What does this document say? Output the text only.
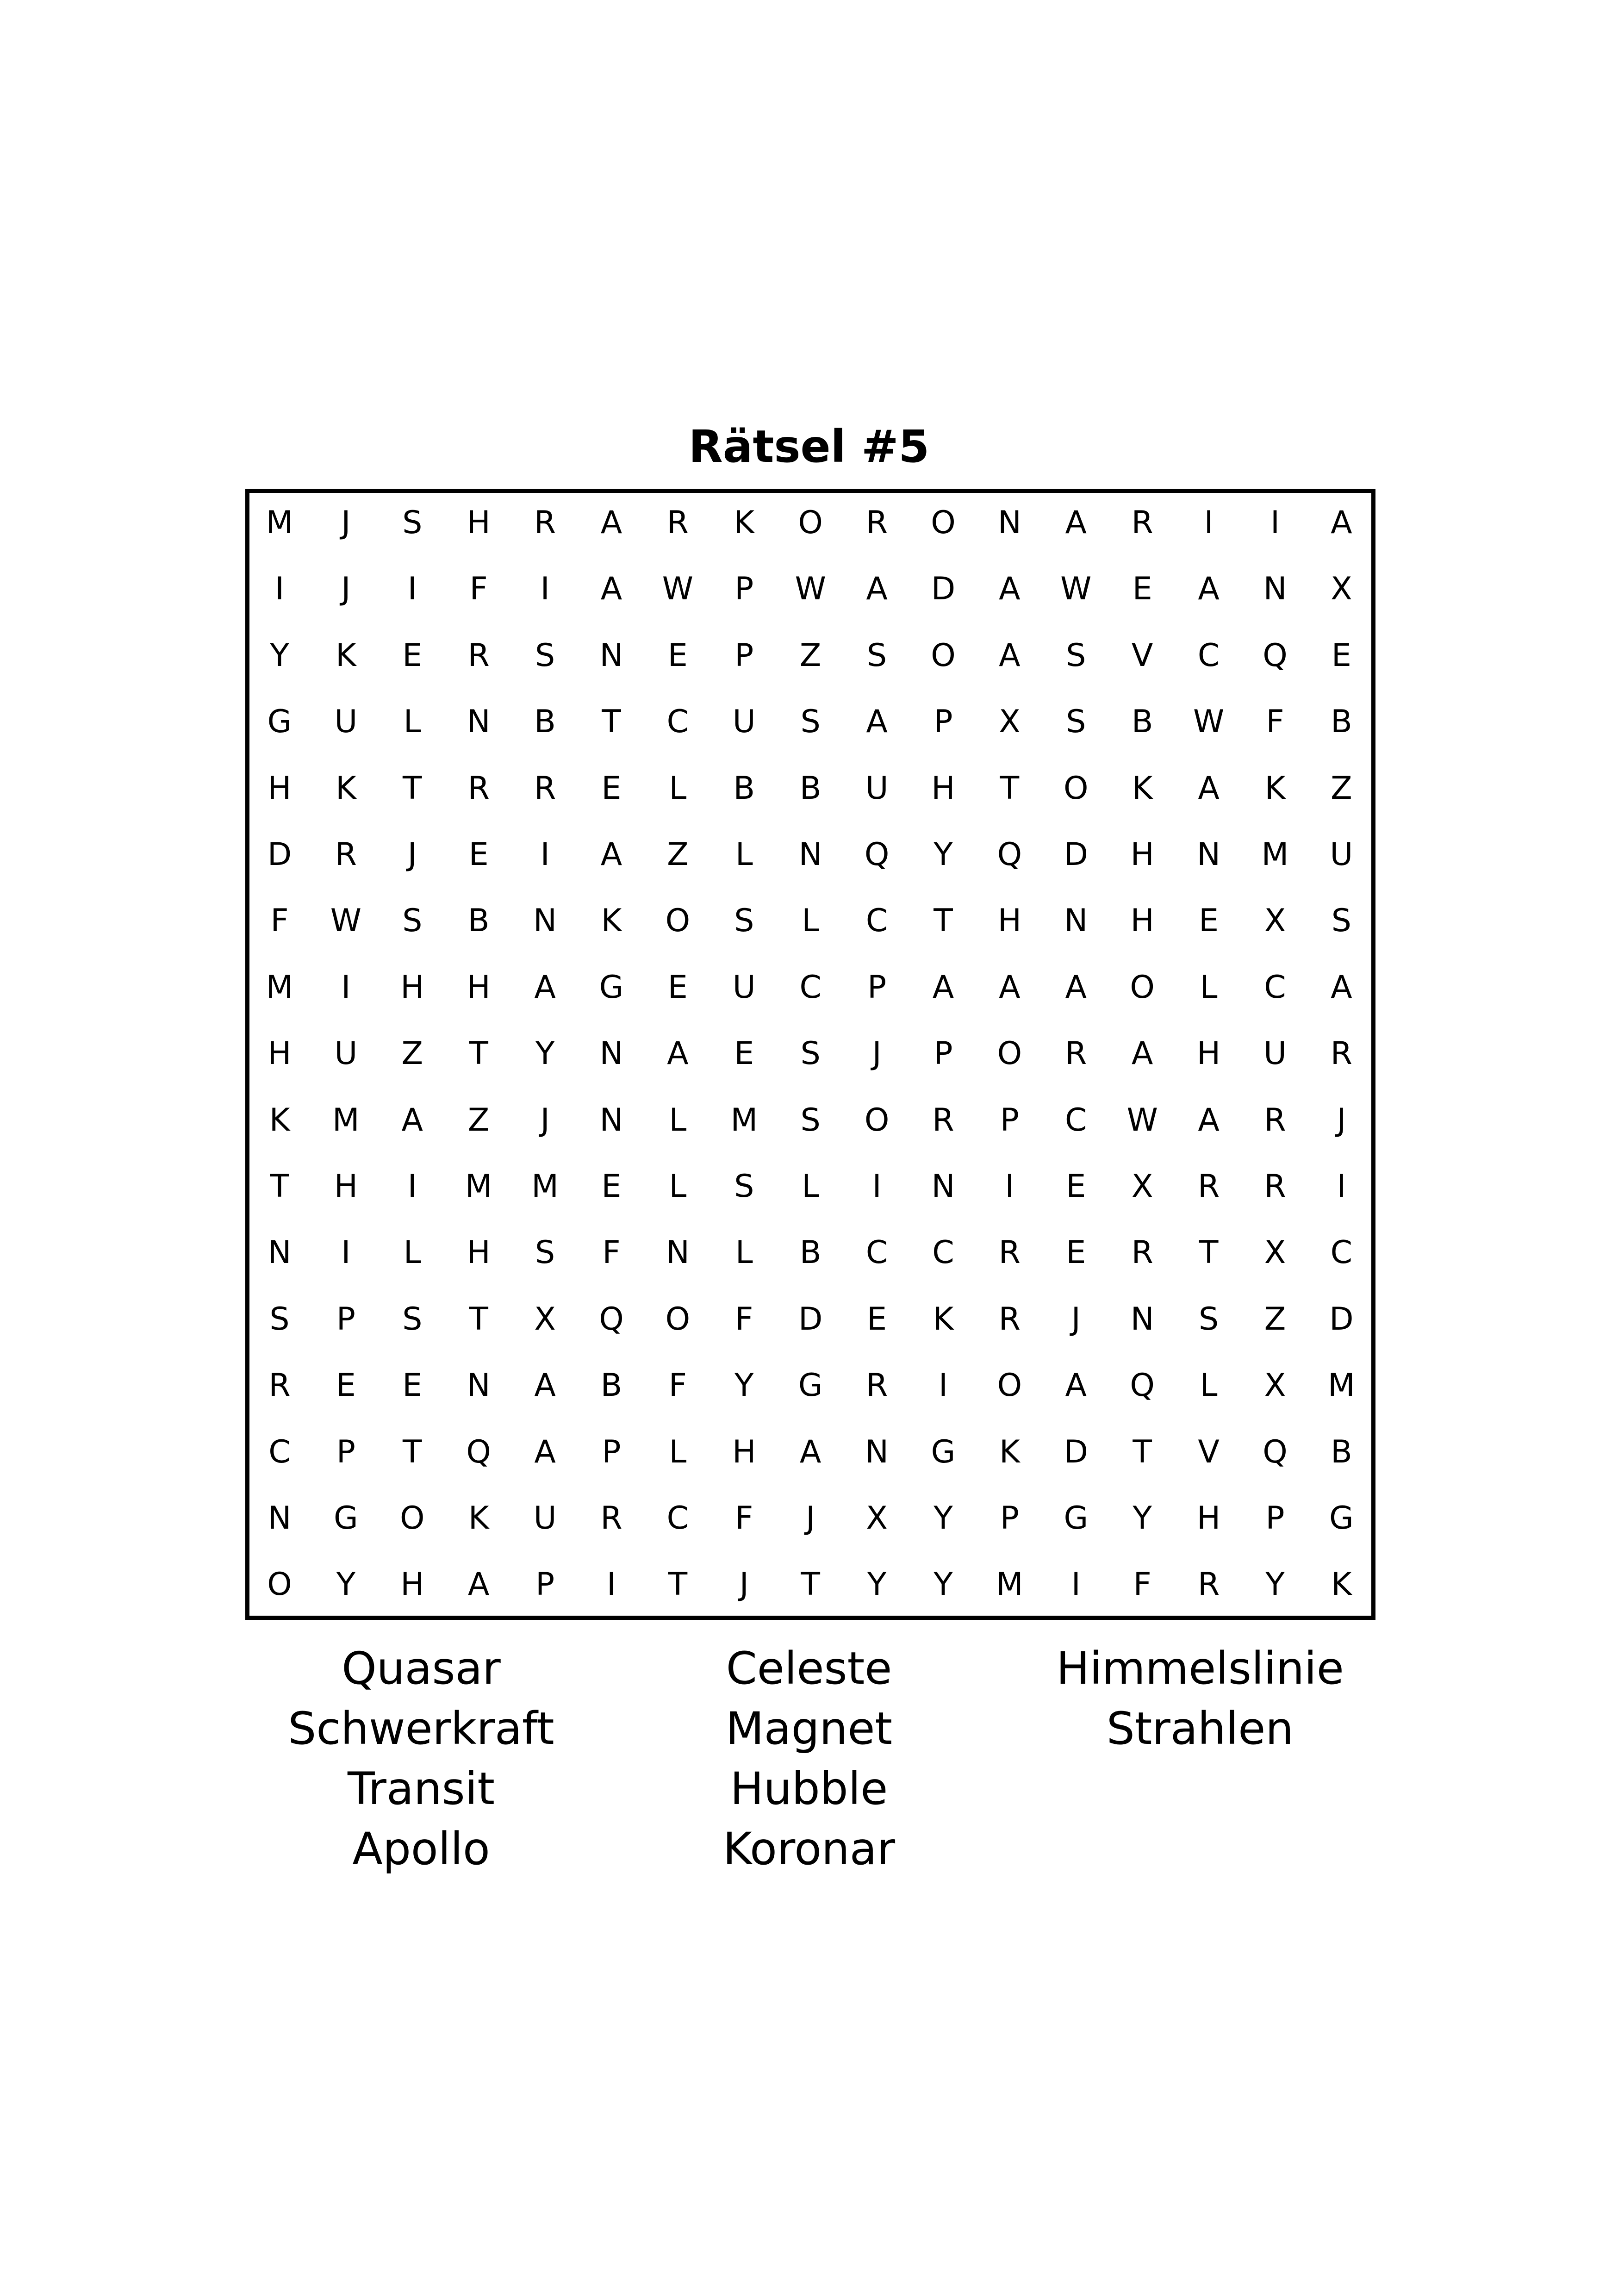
Rätsel #5
M	J	S	H	R	A	R	K	O	R	O	N	A	R	I	I	A
I	J	I	F	I	A	W	P	W	A	D	A	W	E	A	N	X
Y	K	E	R	S	N	E	P	Z	S	O	A	S	V	C	Q	E
G	U	L	N	B	T	C	U	S	A	P	X	S	B	W	F	B
H	K	T	R	R	E	L	B	B	U	H	T	O	K	A	K	Z
D	R	J	E	I	A	Z	L	N	Q	Y	Q	D	H	N	M	U
F	W	S	B	N	K	O	S	L	C	T	H	N	H	E	X	S
M	I	H	H	A	G	E	U	C	P	A	A	A	O	L	C	A
H	U	Z	T	Y	N	A	E	S	J	P	O	R	A	H	U	R
K	M	A	Z	J	N	L	M	S	O	R	P	C	W	A	R	J
T	H	I	M	M	E	L	S	L	I	N	I	E	X	R	R	I
N	I	L	H	S	F	N	L	B	C	C	R	E	R	T	X	C
S	P	S	T	X	Q	O	F	D	E	K	R	J	N	S	Z	D
R	E	E	N	A	B	F	Y	G	R	I	O	A	Q	L	X	M
C	P	T	Q	A	P	L	H	A	N	G	K	D	T	V	Q	B
N	G	O	K	U	R	C	F	J	X	Y	P	G	Y	H	P	G
O	Y	H	A	P	I	T	J	T	Y	Y	M	I	F	R	Y	K
Quasar
Schwerkraft
Transit
Apollo
Celeste
Magnet
Hubble
Koronar
Himmelslinie
Strahlen
